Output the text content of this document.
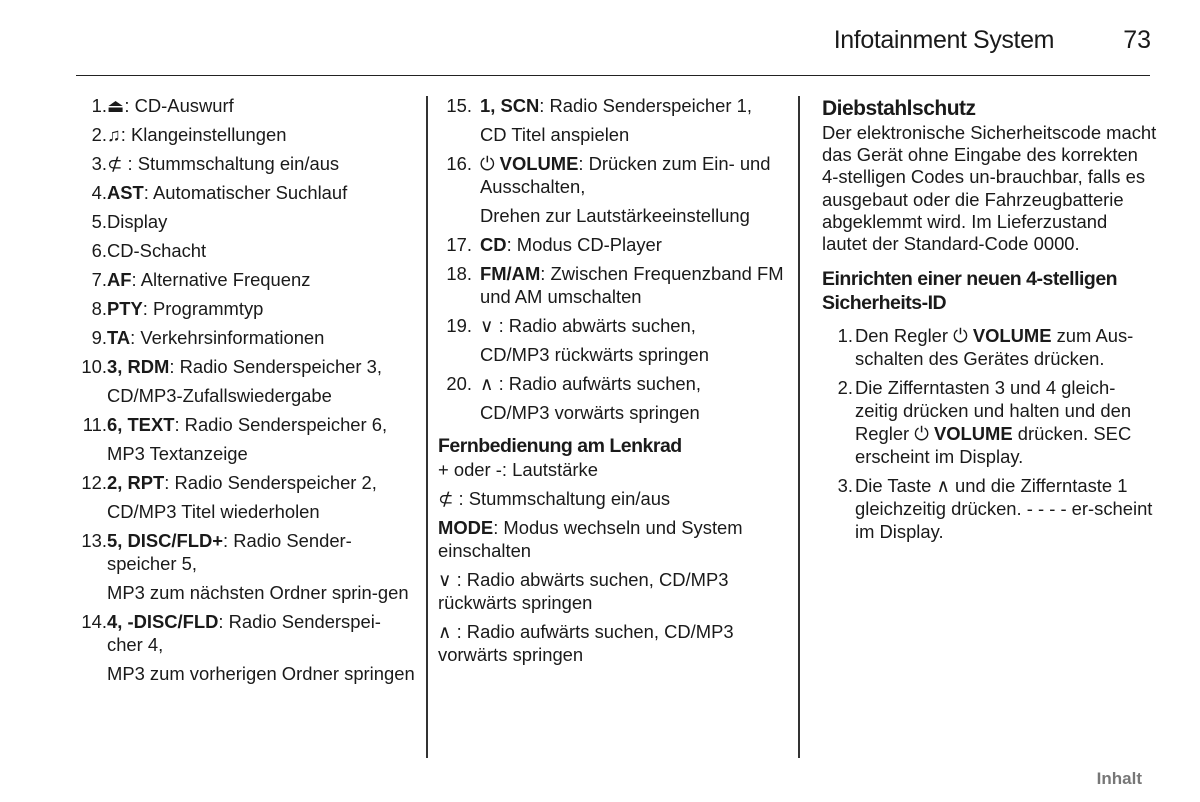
Infotainment System	73
1. ⏏: CD-Auswurf

2. ♫: Klangeinstellungen

3. ⊄ : Stummschaltung ein/aus

4. AST: Automatischer Suchlauf

5. Display

6. CD-Schacht

7. AF: Alternative Frequenz

8. PTY: Programmtyp

9. TA: Verkehrsinformationen

10. 3, RDM: Radio Senderspeicher 3,

CD/MP3-Zufallswiedergabe

11. 6, TEXT: Radio Senderspeicher 6,

MP3 Textanzeige

12. 2, RPT: Radio Senderspeicher 2,

CD/MP3 Titel wiederholen

13. 5, DISC/FLD+: Radio Sender-speicher 5,

MP3 zum nächsten Ordner sprin-gen

14. 4, -DISC/FLD: Radio Senderspei-cher 4,

MP3 zum vorherigen Ordner springen

15. 1, SCN: Radio Senderspeicher 1,

CD Titel anspielen

16. ⏻ VOLUME: Drücken zum Ein- und Ausschalten,

Drehen zur Lautstärkeeinstellung

17. CD: Modus CD-Player

18. FM/AM: Zwischen Frequenzband FM und AM umschalten

19. ∨ : Radio abwärts suchen,

CD/MP3 rückwärts springen

20. ∧ : Radio aufwärts suchen,

CD/MP3 vorwärts springen

Fernbedienung am Lenkrad

+ oder -: Lautstärke

⊄ : Stummschaltung ein/aus

MODE: Modus wechseln und System einschalten

∨ : Radio abwärts suchen, CD/MP3 rückwärts springen

∧ : Radio aufwärts suchen, CD/MP3 vorwärts springen

Diebstahlschutz

Der elektronische Sicherheitscode macht das Gerät ohne Eingabe des korrekten 4-stelligen Codes un-brauchbar, falls es ausgebaut oder die Fahrzeugbatterie abgeklemmt wird. Im Lieferzustand lautet der Standard-Code 0000.

Einrichten einer neuen 4-stelligen Sicherheits-ID
1. Den Regler ⏻ VOLUME zum Aus-schalten des Gerätes drücken.
2. Die Zifferntasten 3 und 4 gleich-zeitig drücken und halten und den Regler ⏻ VOLUME drücken. SEC erscheint im Display.
3. Die Taste ∧ und die Zifferntaste 1 gleichzeitig drücken. - - - - er-scheint im Display.
Inhalt
